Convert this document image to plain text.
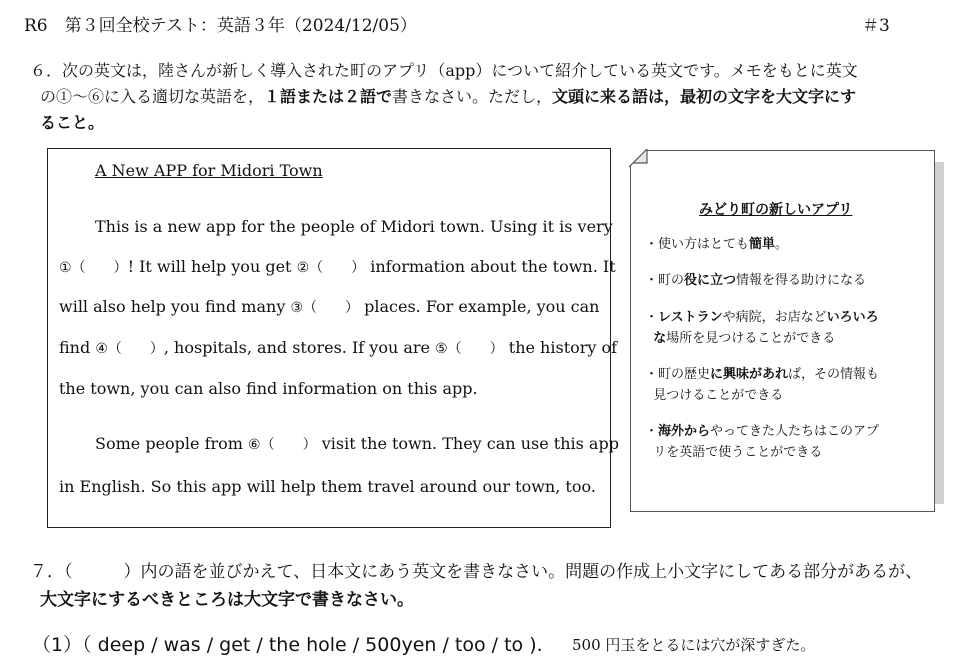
R6　第３回全校テスト：英語３年（2024/12/05）	＃3
６．次の英文は，陸さんが新しく導入された町のアプリ（app）について紹介している英文です。メモをもとに英文
の①～⑥に入る適切な英語を，１語または２語で書きなさい。ただし，文頭に来る語は，最初の文字を大文字にす
ること。
A New APP for Midori Town
This is a new app for the people of Midori town. Using it is very
①（　　）! It will help you get ②（　　） information about the town. It
will also help you find many ③（　　） places. For example, you can
find ④（　　）, hospitals, and stores. If you are ⑤（　　） the history of
the town, you can also find information on this app.
Some people from ⑥（　　） visit the town. They can use this app
in English. So this app will help them travel around our town, too.
みどり町の新しいアプリ
・使い方はとても簡単。
・町の役に立つ情報を得る助けになる
・レストランや病院，お店などいろいろ
な場所を見つけることができる
・町の歴史に興味があれば，その情報も
見つけることができる
・海外からやってきた人たちはこのアプ
リを英語で使うことができる
７．（　　　）内の語を並びかえて、日本文にあう英文を書きなさい。問題の作成上小文字にしてある部分があるが、
大文字にするべきところは大文字で書きなさい。
（1）（ deep / was / get / the hole / 500yen / too / to ). 500 円玉をとるには穴が深すぎた。
